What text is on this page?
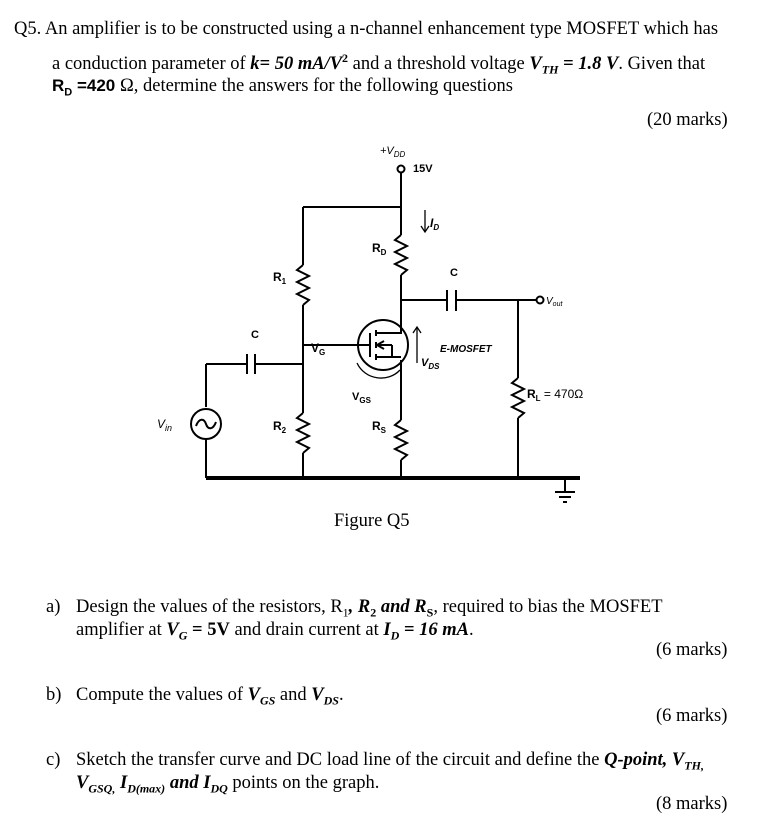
Q5. An amplifier is to be constructed using a n-channel enhancement type MOSFET which has
a conduction parameter of k= 50 $mA/V^2$ and a threshold voltage $V_{TH} = 1.8$ V. Given that
$R_D =420$ Ω, determine the answers for the following questions
(20 marks)
$+V_{DD}$
15V
$I_D$
$R_D$
$R_1$
C
$V_{out}$
C
$V_G$	E-MOSFET
$V_{DS}$
$R_L = 470\Omega$
$V_{GS}$
$V_{in}$	$R_2$	$R_S$
Figure Q5
a) Design the values of the resistors, $R_1$, $R_2$ and $R_S$, required to bias the MOSFET
amplifier at $V_G = 5V$ and drain current at $I_D = 16$ mA.
(6 marks)
b) Compute the values of $V_{GS}$ and $V_{DS}$.
(6 marks)
c) Sketch the transfer curve and DC load line of the circuit and define the Q-point, $V_{TH,}$
$V_{GSQ,}$ $I_{D(max)}$ and $I_{DQ}$ points on the graph.
(8 marks)
